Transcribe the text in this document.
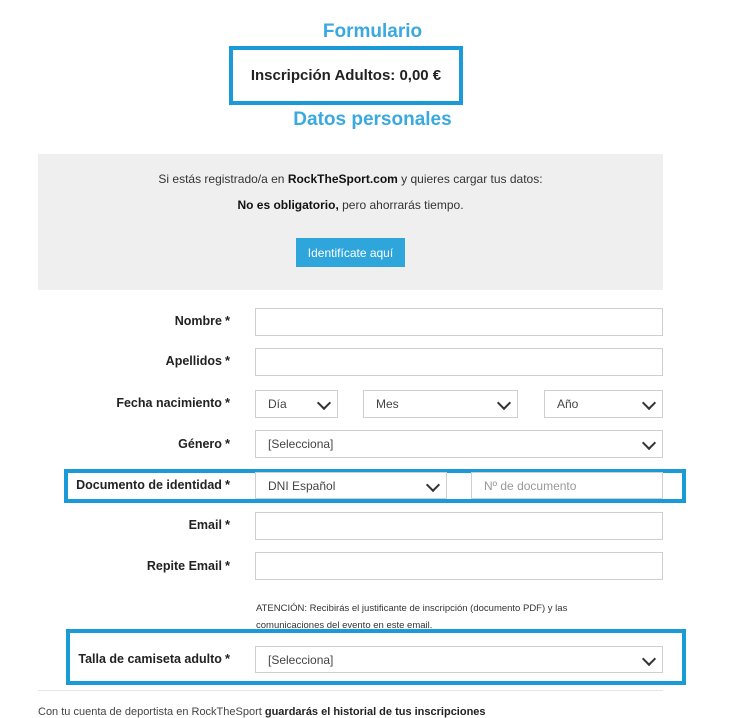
Formulario
Inscripción Adultos: 0,00 €
Datos personales
Si estás registrado/a en RockTheSport.com y quieres cargar tus datos:
No es obligatorio, pero ahorrarás tiempo.
Identifícate aquí
Nombre *
Apellidos *
Fecha nacimiento *	Día	Mes	Año
Género *	[Selecciona]
Documento de identidad *	DNI Español	Nº de documento
Email *
Repite Email *
ATENCIÓN: Recibirás el justificante de inscripción (documento PDF) y las comunicaciones del evento en este email.
Talla de camiseta adulto *	[Selecciona]
Con tu cuenta de deportista en RockTheSport guardarás el historial de tus inscripciones
